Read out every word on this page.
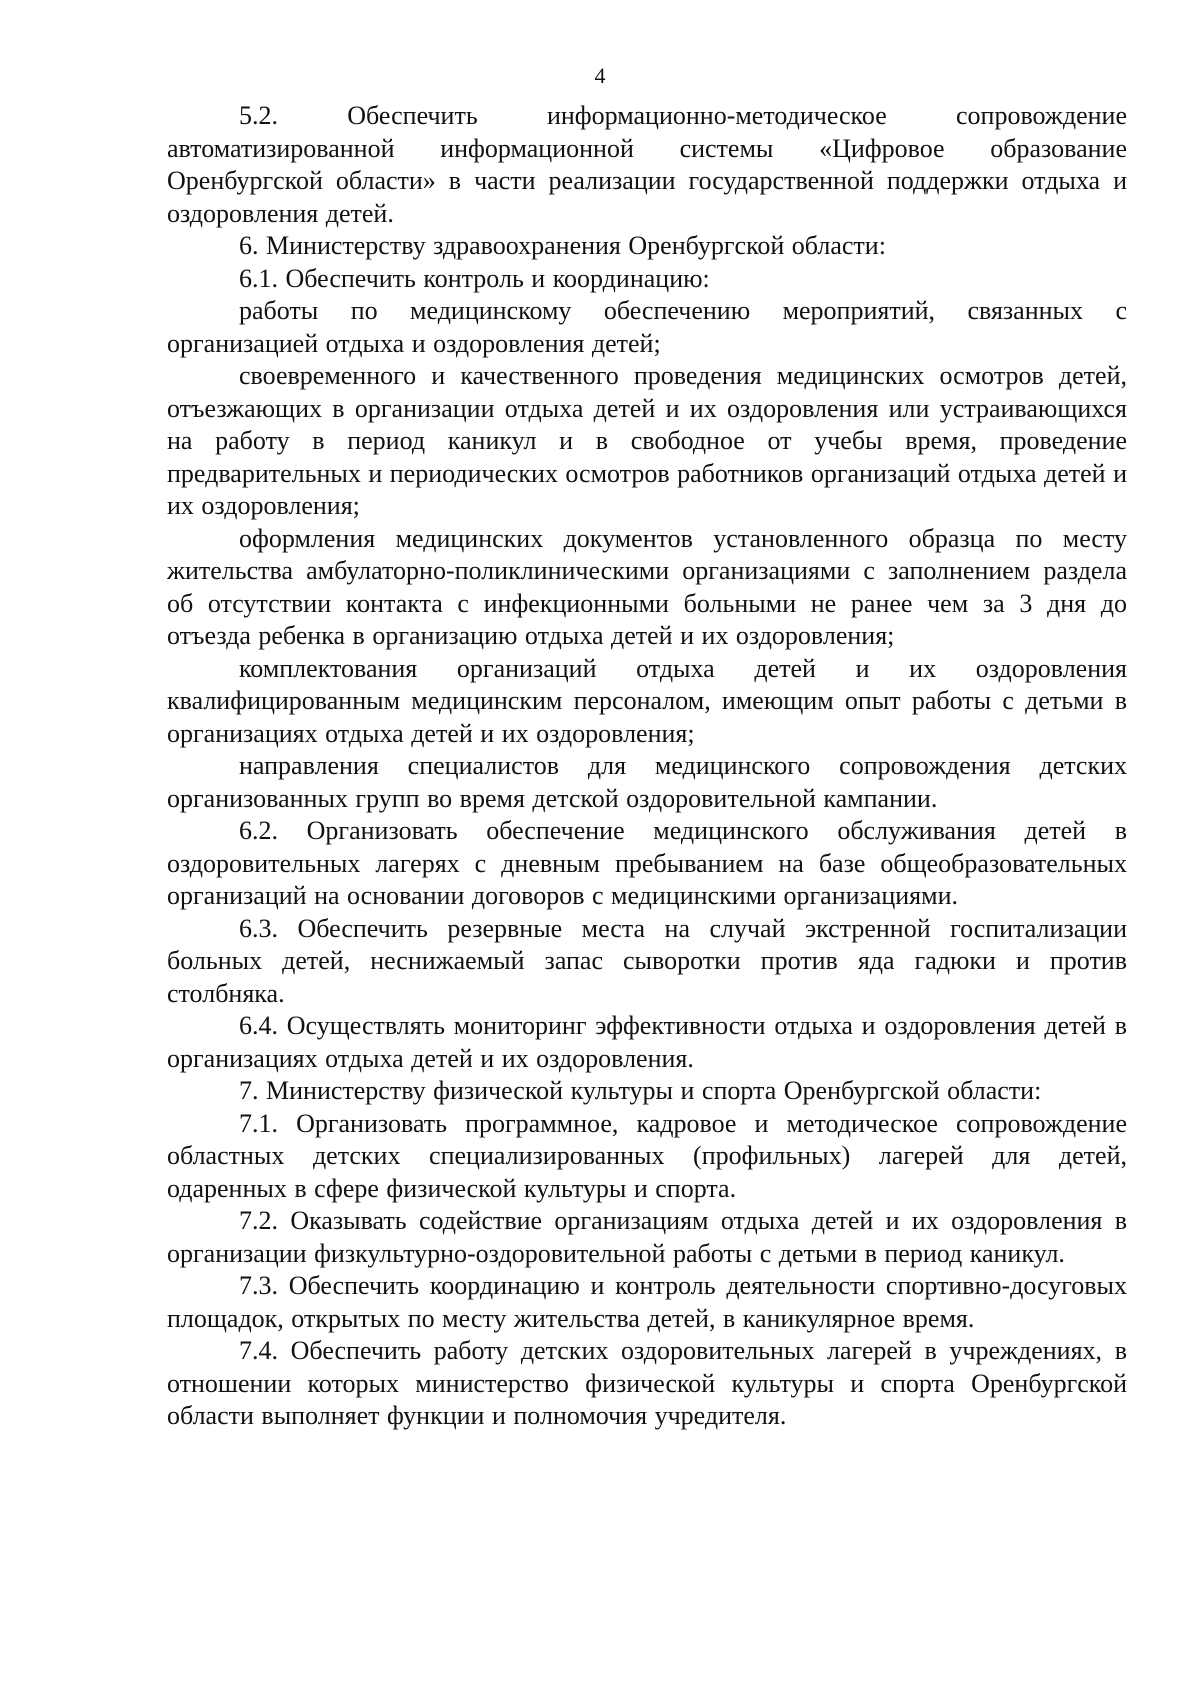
4

5.2. Обеспечить информационно-методическое сопровождение автоматизированной информационной системы «Цифровое образование Оренбургской области» в части реализации государственной поддержки отдыха и оздоровления детей.

6. Министерству здравоохранения Оренбургской области:

6.1. Обеспечить контроль и координацию:

работы по медицинскому обеспечению мероприятий, связанных с организацией отдыха и оздоровления детей;

своевременного и качественного проведения медицинских осмотров детей, отъезжающих в организации отдыха детей и их оздоровления или устраивающихся на работу в период каникул и в свободное от учебы время, проведение предварительных и периодических осмотров работников организаций отдыха детей и их оздоровления;

оформления медицинских документов установленного образца по месту жительства амбулаторно-поликлиническими организациями с заполнением раздела об отсутствии контакта с инфекционными больными не ранее чем за 3 дня до отъезда ребенка в организацию отдыха детей и их оздоровления;

комплектования организаций отдыха детей и их оздоровления квалифицированным медицинским персоналом, имеющим опыт работы с детьми в организациях отдыха детей и их оздоровления;

направления специалистов для медицинского сопровождения детских организованных групп во время детской оздоровительной кампании.

6.2. Организовать обеспечение медицинского обслуживания детей в оздоровительных лагерях с дневным пребыванием на базе общеобразовательных организаций на основании договоров с медицинскими организациями.

6.3. Обеспечить резервные места на случай экстренной госпитализации больных детей, неснижаемый запас сыворотки против яда гадюки и против столбняка.

6.4. Осуществлять мониторинг эффективности отдыха и оздоровления детей в организациях отдыха детей и их оздоровления.

7. Министерству физической культуры и спорта Оренбургской области:

7.1. Организовать программное, кадровое и методическое сопровождение областных детских специализированных (профильных) лагерей для детей, одаренных в сфере физической культуры и спорта.

7.2. Оказывать содействие организациям отдыха детей и их оздоровления в организации физкультурно-оздоровительной работы с детьми в период каникул.

7.3. Обеспечить координацию и контроль деятельности спортивно-досуговых площадок, открытых по месту жительства детей, в каникулярное время.

7.4. Обеспечить работу детских оздоровительных лагерей в учреждениях, в отношении которых министерство физической культуры и спорта Оренбургской области выполняет функции и полномочия учредителя.
